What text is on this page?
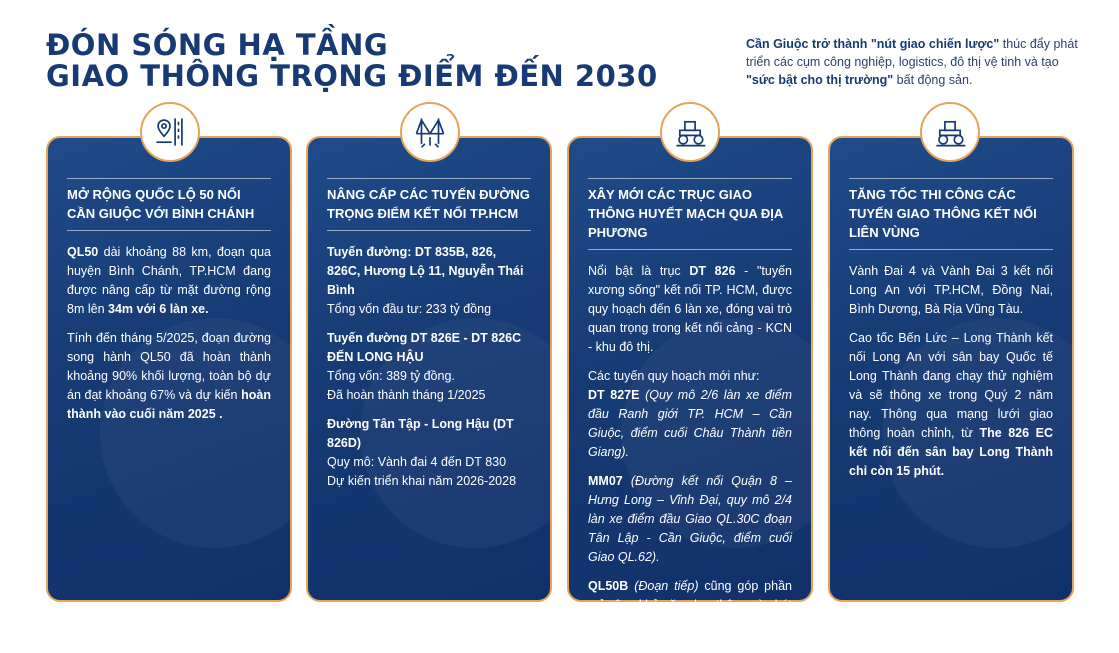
ĐÓN SÓNG HẠ TẦNG
GIAO THÔNG TRỌNG ĐIỂM ĐẾN 2030
Cần Giuộc trở thành "nút giao chiến lược" thúc đẩy phát triển các cụm công nghiệp, logistics, đô thị vệ tinh và tạo "sức bật cho thị trường" bất động sản.
MỞ RỘNG QUỐC LỘ 50 NỐI CẦN GIUỘC VỚI BÌNH CHÁNH
QL50 dài khoảng 88 km, đoạn qua huyện Bình Chánh, TP.HCM đang được nâng cấp từ mặt đường rộng 8m lên 34m với 6 làn xe.
Tính đến tháng 5/2025, đoạn đường song hành QL50 đã hoàn thành khoảng 90% khối lượng, toàn bộ dự án đạt khoảng 67% và dự kiến hoàn thành vào cuối năm 2025 .
NÂNG CẤP CÁC TUYẾN ĐƯỜNG TRỌNG ĐIỂM KẾT NỐI TP.HCM
Tuyến đường: DT 835B, 826, 826C, Hương Lộ 11, Nguyễn Thái Bình
Tổng vốn đầu tư: 233 tỷ đồng
Tuyến đường DT 826E - DT 826C ĐẾN LONG HẬU
Tổng vốn: 389 tỷ đồng.
Đã hoàn thành tháng 1/2025
Đường Tân Tập - Long Hậu (DT 826D)
Quy mô: Vành đai 4 đến DT 830
Dự kiến triển khai năm 2026-2028
XÂY MỚI CÁC TRỤC GIAO THÔNG HUYẾT MẠCH QUA ĐỊA PHƯƠNG
Nổi bật là trục DT 826 - "tuyến xương sống" kết nối TP. HCM, được quy hoạch đến 6 làn xe, đóng vai trò quan trọng trong kết nối cảng - KCN - khu đô thị.
Các tuyến quy hoạch mới như:
DT 827E (Quy mô 2/6 làn xe điểm đầu Ranh giới TP. HCM – Cần Giuộc, điểm cuối Châu Thành tiền Giang).
MM07 (Đường kết nối Quận 8 – Hưng Long – Vĩnh Đại, quy mô 2/4 làn xe điểm đầu Giao QL.30C đoạn Tân Lập - Cần Giuộc, điểm cuối Giao QL.62).
QL50B (Đoạn tiếp) cũng góp phần mở rộng khả năng lưu thông và phát triển quỹ đất dọc hành lang công nghiệp và đô thị.
TĂNG TỐC THI CÔNG CÁC TUYẾN GIAO THÔNG KẾT NỐI LIÊN VÙNG
Vành Đai 4 và Vành Đai 3 kết nối Long An với TP.HCM, Đồng Nai, Bình Dương, Bà Rịa Vũng Tàu.
Cao tốc Bến Lức – Long Thành kết nối Long An với sân bay Quốc tế Long Thành đang chạy thử nghiệm và sẽ thông xe trong Quý 2 năm nay. Thông qua mạng lưới giao thông hoàn chỉnh, từ The 826 EC kết nối đến sân bay Long Thành chỉ còn 15 phút.
